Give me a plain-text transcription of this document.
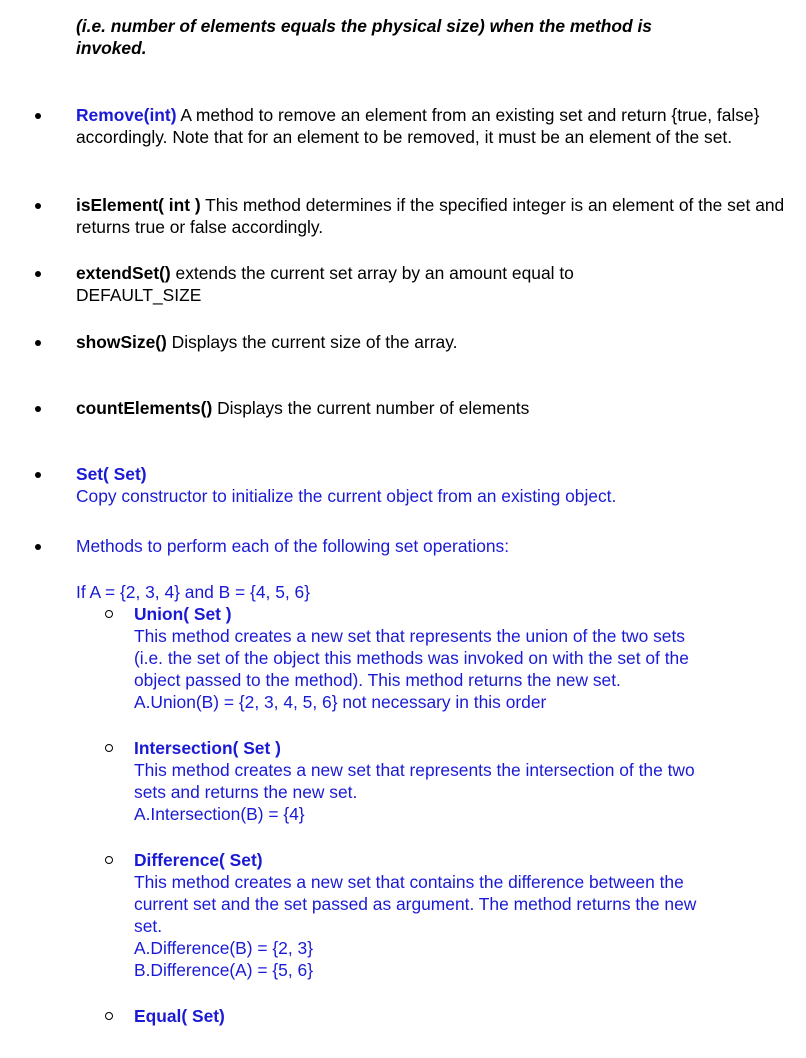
(i.e. number of elements equals the physical size) when the method is
invoked.
Remove(int) A method to remove an element from an existing set and return {true, false} accordingly. Note that for an element to be removed, it must be an element of the set.
isElement( int ) This method determines if the specified integer is an element of the set and returns true or false accordingly.
extendSet() extends the current set array by an amount equal to DEFAULT_SIZE
showSize() Displays the current size of the array.
countElements() Displays the current number of elements
Set( Set)
Copy constructor to initialize the current object from an existing object.
Methods to perform each of the following set operations:
If A = {2, 3, 4} and B = {4, 5, 6}
Union( Set )
This method creates a new set that represents the union of the two sets
(i.e. the set of the object this methods was invoked on with the set of the
object passed to the method). This method returns the new set.
A.Union(B) = {2, 3, 4, 5, 6} not necessary in this order
Intersection( Set )
This method creates a new set that represents the intersection of the two
sets and returns the new set.
A.Intersection(B) = {4}
Difference( Set)
This method creates a new set that contains the difference between the
current set and the set passed as argument. The method returns the new
set.
A.Difference(B) = {2, 3}
B.Difference(A) = {5, 6}
Equal( Set)
